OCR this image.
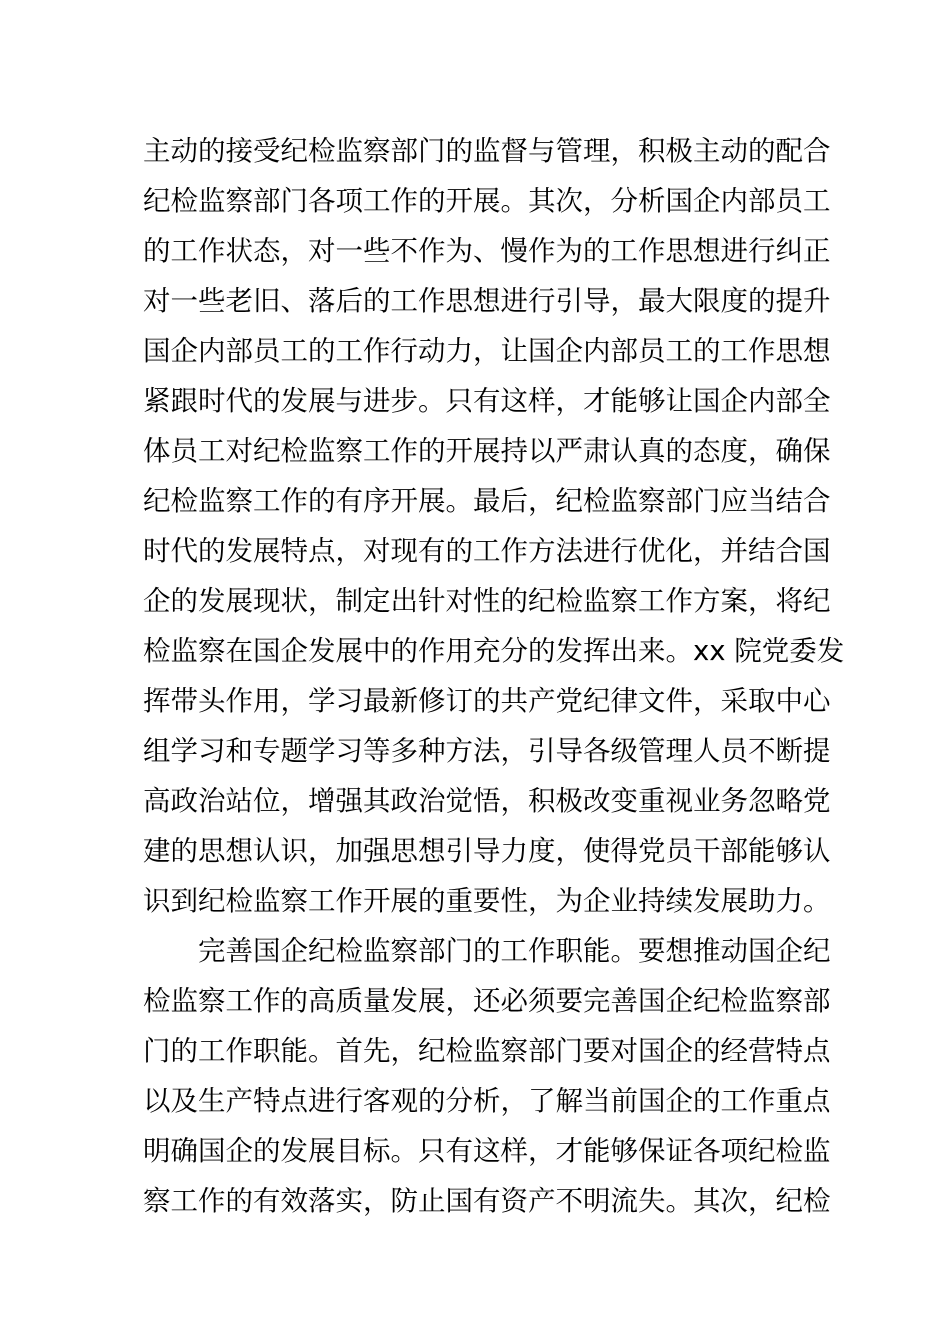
主动的接受纪检监察部门的监督与管理，积极主动的配合
纪检监察部门各项工作的开展。其次，分析国企内部员工
的工作状态，对一些不作为、慢作为的工作思想进行纠正
对一些老旧、落后的工作思想进行引导，最大限度的提升
国企内部员工的工作行动力，让国企内部员工的工作思想
紧跟时代的发展与进步。只有这样，才能够让国企内部全
体员工对纪检监察工作的开展持以严肃认真的态度，确保
纪检监察工作的有序开展。最后，纪检监察部门应当结合
时代的发展特点，对现有的工作方法进行优化，并结合国
企的发展现状，制定出针对性的纪检监察工作方案，将纪
检监察在国企发展中的作用充分的发挥出来。xx 院党委发
挥带头作用，学习最新修订的共产党纪律文件，采取中心
组学习和专题学习等多种方法，引导各级管理人员不断提
高政治站位，增强其政治觉悟，积极改变重视业务忽略党
建的思想认识，加强思想引导力度，使得党员干部能够认
识到纪检监察工作开展的重要性，为企业持续发展助力。
完善国企纪检监察部门的工作职能。要想推动国企纪
检监察工作的高质量发展，还必须要完善国企纪检监察部
门的工作职能。首先，纪检监察部门要对国企的经营特点
以及生产特点进行客观的分析，了解当前国企的工作重点
明确国企的发展目标。只有这样，才能够保证各项纪检监
察工作的有效落实，防止国有资产不明流失。其次，纪检
